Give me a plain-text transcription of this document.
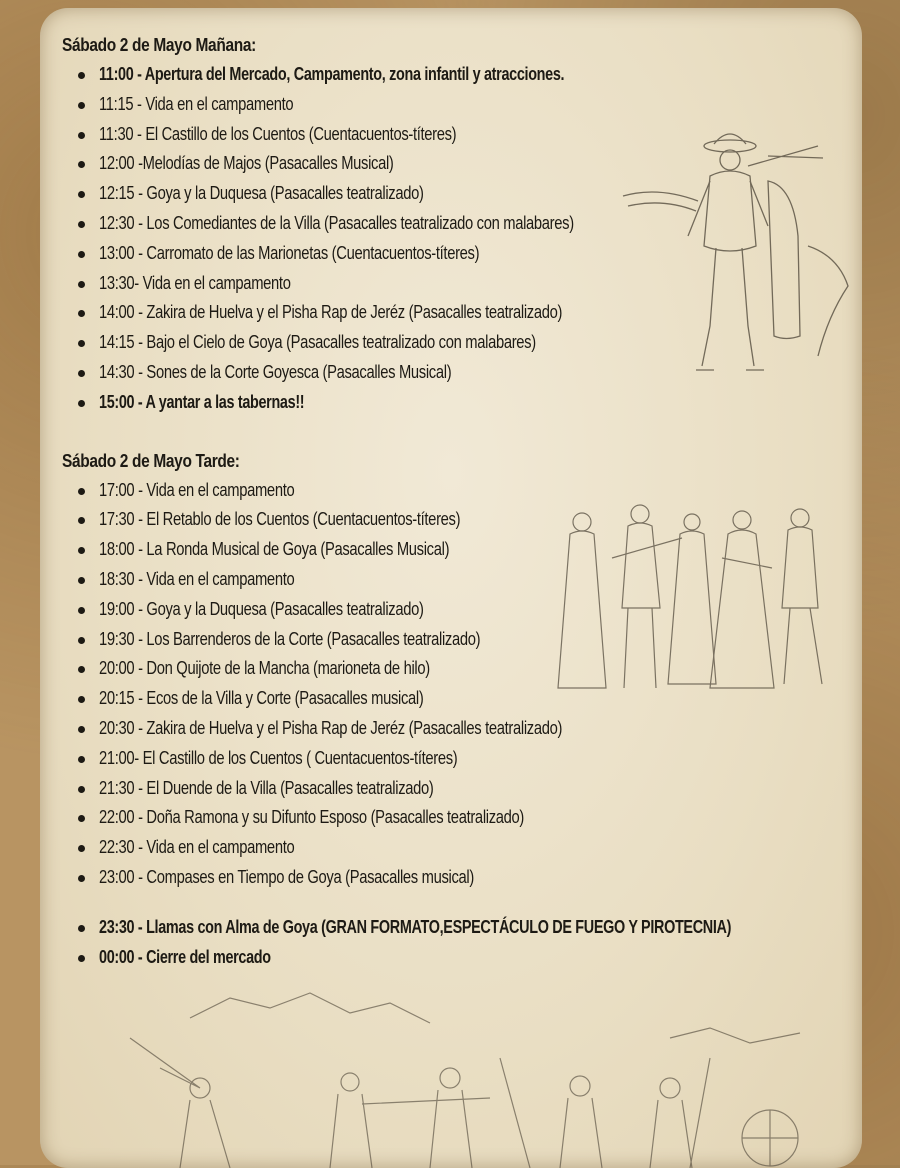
Sábado 2 de Mayo Mañana:
11:00 - Apertura del Mercado, Campamento, zona infantil y atracciones.
11:15 - Vida en el campamento
11:30 - El Castillo de los Cuentos (Cuentacuentos-títeres)
12:00 -Melodías de Majos (Pasacalles Musical)
12:15 - Goya y la Duquesa (Pasacalles teatralizado)
12:30 - Los Comediantes de la Villa (Pasacalles teatralizado con malabares)
13:00 - Carromato de las Marionetas (Cuentacuentos-títeres)
13:30- Vida en el campamento
14:00 - Zakira de Huelva y el Pisha Rap de Jeréz (Pasacalles teatralizado)
14:15 - Bajo el Cielo de Goya (Pasacalles teatralizado con malabares)
14:30 - Sones de la Corte Goyesca (Pasacalles Musical)
15:00 - A yantar a las tabernas!!
Sábado 2 de Mayo Tarde:
17:00 - Vida en el campamento
17:30 - El Retablo de los Cuentos (Cuentacuentos-títeres)
18:00 - La Ronda Musical de Goya (Pasacalles Musical)
18:30 - Vida en el campamento
19:00 - Goya y la Duquesa (Pasacalles teatralizado)
19:30 - Los Barrenderos de la Corte (Pasacalles teatralizado)
20:00 - Don Quijote de la Mancha (marioneta de hilo)
20:15 - Ecos de la Villa y Corte (Pasacalles musical)
20:30 - Zakira de Huelva y el Pisha Rap de Jeréz (Pasacalles teatralizado)
21:00- El Castillo de los Cuentos ( Cuentacuentos-títeres)
21:30 - El Duende de la Villa (Pasacalles teatralizado)
22:00 - Doña Ramona y su Difunto Esposo (Pasacalles teatralizado)
22:30 - Vida en el campamento
23:00 - Compases en Tiempo de Goya (Pasacalles musical)
23:30 - Llamas con Alma de Goya (GRAN FORMATO,ESPECTÁCULO DE FUEGO Y PIROTECNIA)
00:00 - Cierre del mercado
